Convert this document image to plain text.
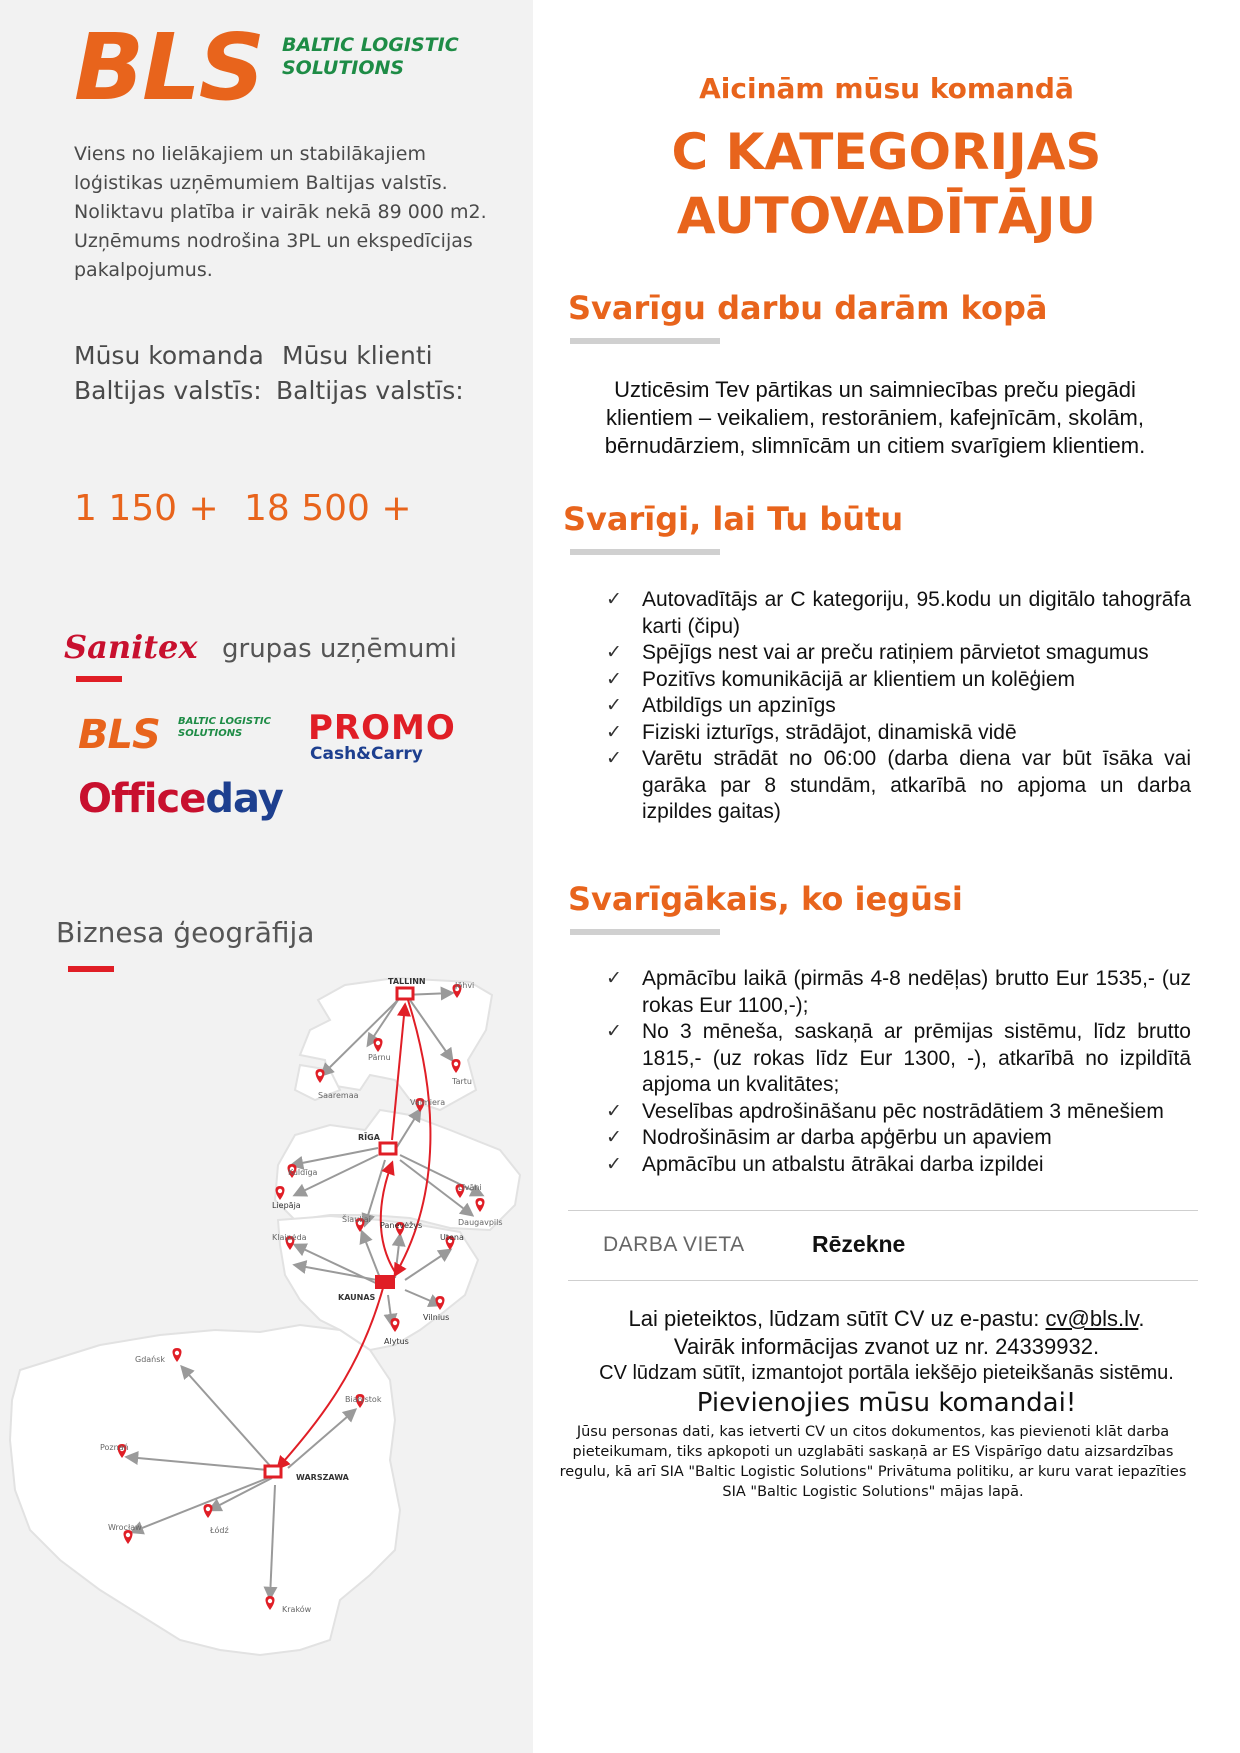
BLS BALTIC LOGISTIC
SOLUTIONS
Viens no lielākajiem un stabilākajiem
loģistikas uzņēmumiem Baltijas valstīs.
Noliktavu platība ir vairāk nekā 89 000 m2.
Uzņēmums nodrošina 3PL un ekspedīcijas
pakalpojumus.
Mūsu komanda
Baltijas valstīs:
Mūsu klienti
Baltijas valstīs:
1 150 + 18 500 +
Sanitex grupas uzņēmumi
BLS BALTIC LOGISTIC
SOLUTIONS	PROMO
Cash&Carry
Officeday
Biznesa ģeogrāfija
TALLINN	Jõhvi
Pärnu
Tartu
Saaremaa
Valmiera
RĪGA
Kuldīga
Liepāja
Daugavpils
Līvāni
Šiauliai
Panevėžys
Utena
Klaipėda
KAUNAS
Vilnius
Alytus
Gdańsk
Białystok
Poznań
WARSZAWA
Wrocław	Łódź
Kraków
Aicinām mūsu komandā
C KATEGORIJAS
AUTOVADĪTĀJU
Svarīgu darbu darām kopā
Uzticēsim Tev pārtikas un saimniecības preču piegādi
klientiem – veikaliem, restorāniem, kafejnīcām, skolām,
bērnudārziem, slimnīcām un citiem svarīgiem klientiem.
Svarīgi, lai Tu būtu
✓ Autovadītājs ar C kategoriju, 95.kodu un digitālo tahogrāfa karti (čipu)
✓ Spējīgs nest vai ar preču ratiņiem pārvietot smagumus
✓ Pozitīvs komunikācijā ar klientiem un kolēģiem
✓ Atbildīgs un apzinīgs
✓ Fiziski izturīgs, strādājot, dinamiskā vidē
✓ Varētu strādāt no 06:00 (darba diena var būt īsāka vai garāka par 8 stundām, atkarībā no apjoma un darba izpildes gaitas)
Svarīgākais, ko iegūsi
✓ Apmācību laikā (pirmās 4-8 nedēļas) brutto Eur 1535,- (uz rokas Eur 1100,-);
✓ No 3 mēneša, saskaņā ar prēmijas sistēmu, līdz brutto 1815,- (uz rokas līdz Eur 1300, -), atkarībā no izpildītā apjoma un kvalitātes;
✓ Veselības apdrošināšanu pēc nostrādātiem 3 mēnešiem
✓ Nodrošināsim ar darba apģērbu un apaviem
✓ Apmācību un atbalstu ātrākai darba izpildei
DARBA VIETA	Rēzekne
Lai pieteiktos, lūdzam sūtīt CV uz e-pastu: cv@bls.lv.
Vairāk informācijas zvanot uz nr. 24339932.
CV lūdzam sūtīt, izmantojot portāla iekšējo pieteikšanās sistēmu.
Pievienojies mūsu komandai!
Jūsu personas dati, kas ietverti CV un citos dokumentos, kas pievienoti klāt darba
pieteikumam, tiks apkopoti un uzglabāti saskaņā ar ES Vispārīgo datu aizsardzības
regulu, kā arī SIA "Baltic Logistic Solutions" Privātuma politiku, ar kuru varat iepazīties
SIA "Baltic Logistic Solutions" mājas lapā.
